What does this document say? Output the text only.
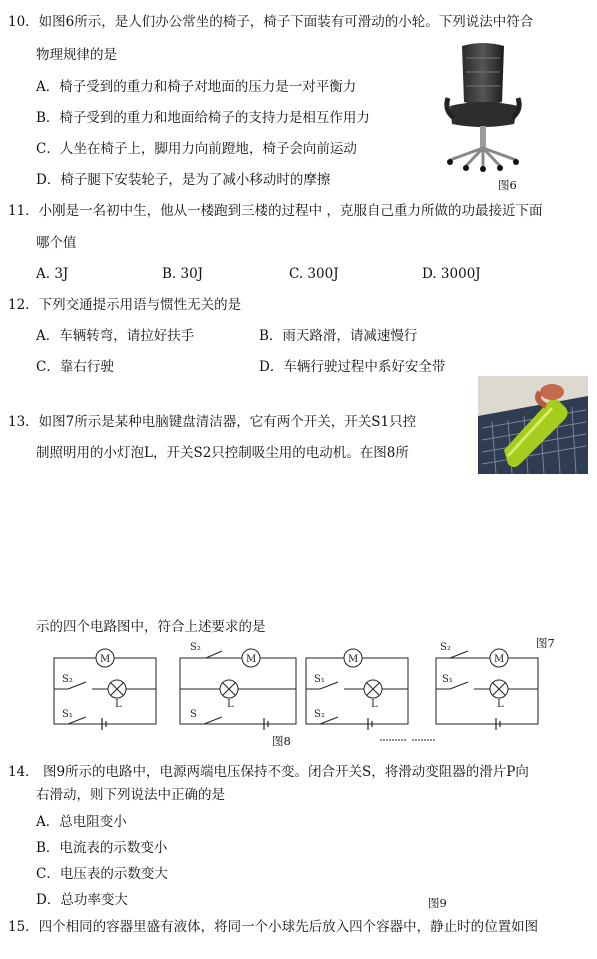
10．如图6所示，是人们办公常坐的椅子，椅子下面装有可滑动的小轮。下列说法中符合
物理规律的是
A．椅子受到的重力和椅子对地面的压力是一对平衡力
B．椅子受到的重力和地面给椅子的支持力是相互作用力
C．人坐在椅子上，脚用力向前蹬地，椅子会向前运动
D．椅子腿下安装轮子，是为了减小移动时的摩擦	图6
11．小刚是一名初中生，他从一楼跑到三楼的过程中 ，克服自己重力所做的功最接近下面
哪个值
A. 3J	B. 30J	C. 300J	D. 3000J
12．下列交通提示用语与惯性无关的是
A．车辆转弯，请拉好扶手	B．雨天路滑，请减速慢行
C．靠右行驶	D．车辆行驶过程中系好安全带
13．如图7所示是某种电脑键盘清洁器，它有两个开关，开关S1只控
制照明用的小灯泡L，开关S2只控制吸尘用的电动机。在图8所
示的四个电路图中，符合上述要求的是
图7
M
L
S₂
S₁
S₂
M
L
S
M
L
S₁
S₂
S₂
M
L
S₁
图8
14． 图9所示的电路中，电源两端电压保持不变。闭合开关S，将滑动变阻器的滑片P向
右滑动，则下列说法中正确的是
A．总电阻变小
B．电流表的示数变小
C．电压表的示数变大
D．总功率变大	图9
15．四个相同的容器里盛有液体，将同一个小球先后放入四个容器中，静止时的位置如图
